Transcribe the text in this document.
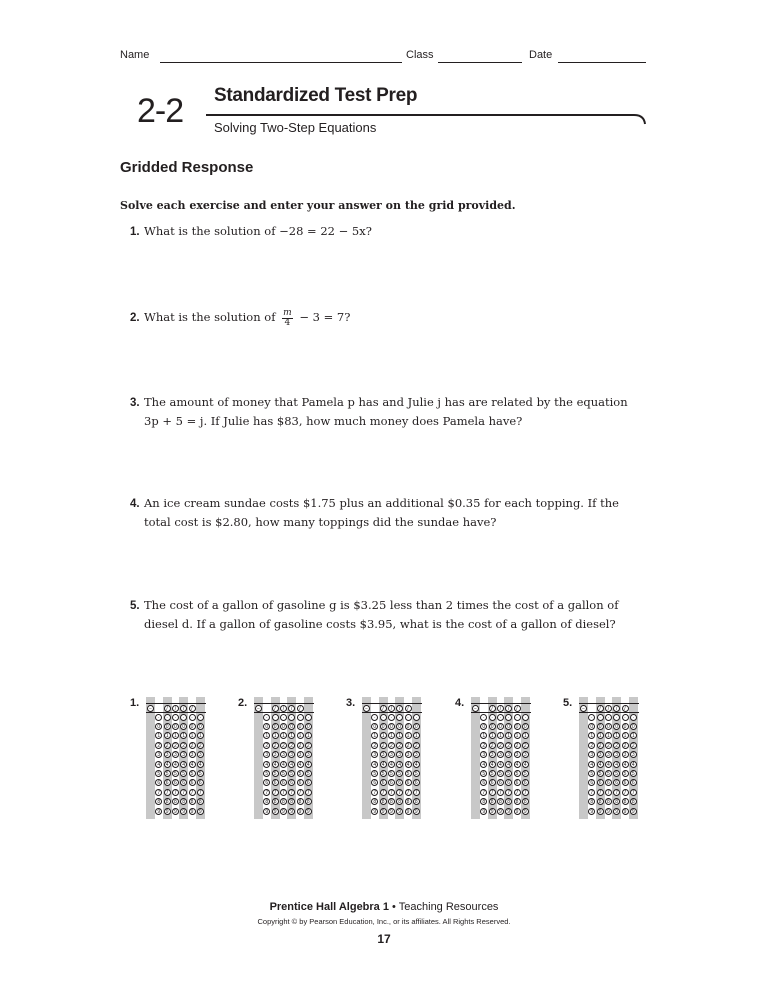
Name	Class	Date
2-2 Standardized Test Prep
Solving Two-Step Equations
Gridded Response
Solve each exercise and enter your answer on the grid provided.
1. What is the solution of −28 = 22 − 5x?
2. What is the solution of $\frac{m}{4} - 3 = 7$?
3. The amount of money that Pamela p has and Julie j has are related by the equation
3p + 5 = j. If Julie has $83, how much money does Pamela have?
4. An ice cream sundae costs $1.75 plus an additional $0.35 for each topping. If the
total cost is $2.80, how many toppings did the sundae have?
5. The cost of a gallon of gasoline g is $3.25 less than 2 times the cost of a gallon of
diesel d. If a gallon of gasoline costs $3.95, what is the cost of a gallon of diesel?
1.	−	/	/	/	/
·	·	·	·	·	·
0	0	0	0	0	0
1	1	1	1	1	1
2	2	2	2	2	2
3	3	3	3	3	3
4	4	4	4	4	4
5	5	5	5	5	5
6	6	6	6	6	6
7	7	7	7	7	7
8	8	8	8	8	8
9	9	9	9	9	9
2.	−	/	/	/	/
·	·	·	·	·	·
0	0	0	0	0	0
1	1	1	1	1	1
2	2	2	2	2	2
3	3	3	3	3	3
4	4	4	4	4	4
5	5	5	5	5	5
6	6	6	6	6	6
7	7	7	7	7	7
8	8	8	8	8	8
9	9	9	9	9	9
3.	−	/	/	/	/
·	·	·	·	·	·
0	0	0	0	0	0
1	1	1	1	1	1
2	2	2	2	2	2
3	3	3	3	3	3
4	4	4	4	4	4
5	5	5	5	5	5
6	6	6	6	6	6
7	7	7	7	7	7
8	8	8	8	8	8
9	9	9	9	9	9
4.	−	/	/	/	/
·	·	·	·	·	·
0	0	0	0	0	0
1	1	1	1	1	1
2	2	2	2	2	2
3	3	3	3	3	3
4	4	4	4	4	4
5	5	5	5	5	5
6	6	6	6	6	6
7	7	7	7	7	7
8	8	8	8	8	8
9	9	9	9	9	9
5.	−	/	/	/	/
·	·	·	·	·	·
0	0	0	0	0	0
1	1	1	1	1	1
2	2	2	2	2	2
3	3	3	3	3	3
4	4	4	4	4	4
5	5	5	5	5	5
6	6	6	6	6	6
7	7	7	7	7	7
8	8	8	8	8	8
9	9	9	9	9	9
Prentice Hall Algebra 1 • Teaching Resources
Copyright © by Pearson Education, Inc., or its affiliates. All Rights Reserved.
17
